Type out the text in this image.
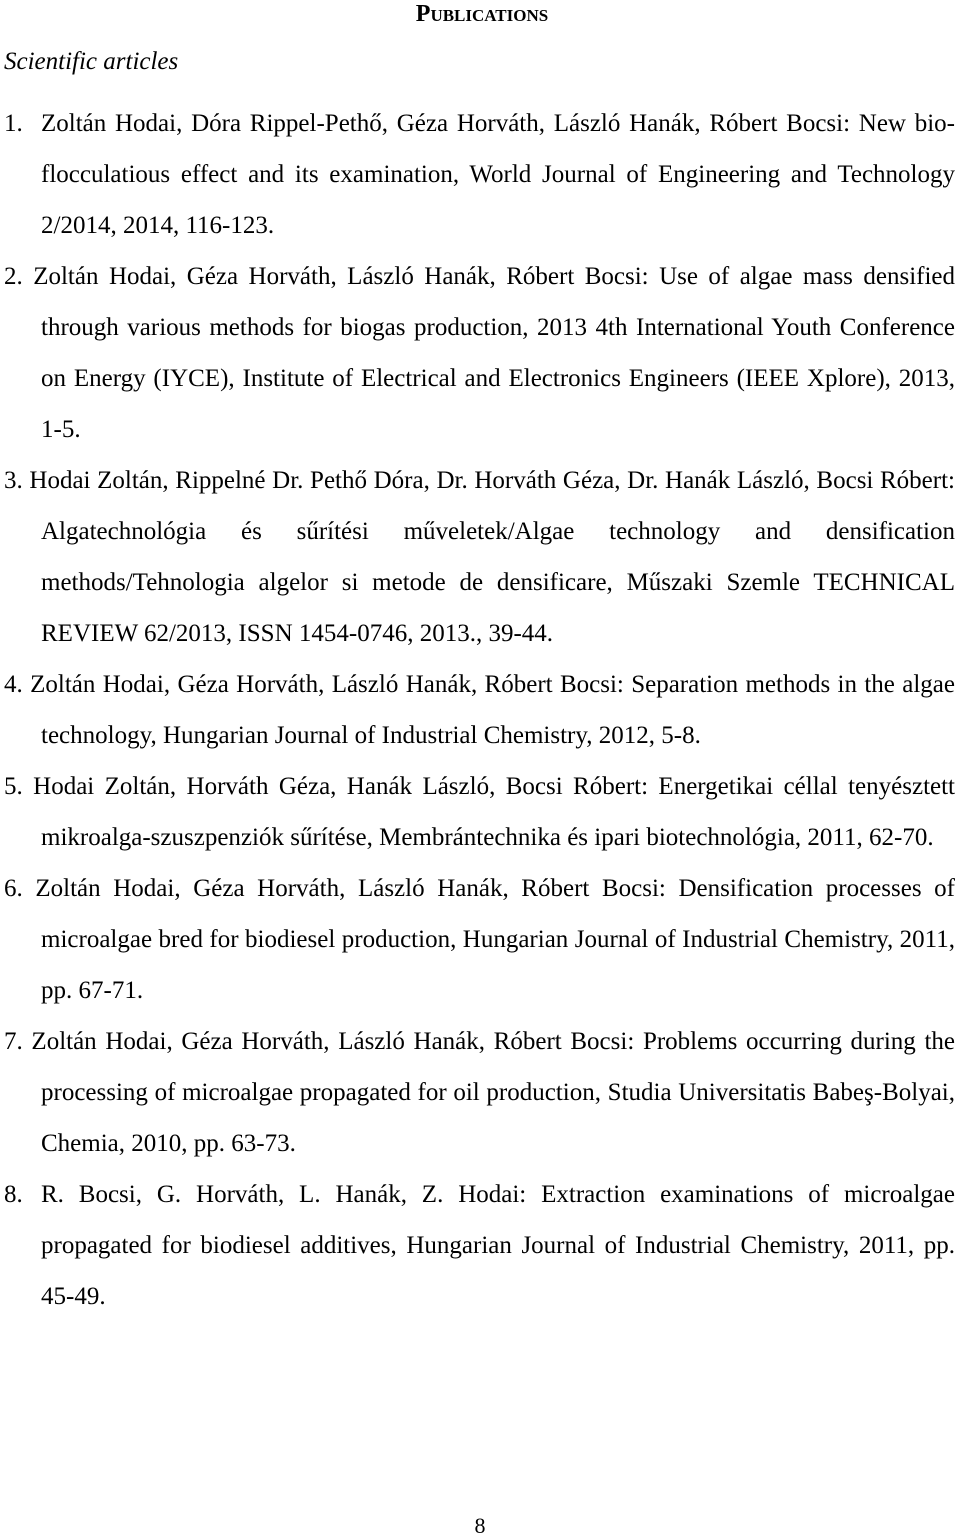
Publications
Scientific articles
1. Zoltán Hodai, Dóra Rippel-Pethő, Géza Horváth, László Hanák, Róbert Bocsi: New bio-flocculatious effect and its examination, World Journal of Engineering and Technology 2/2014, 2014, 116-123.
2. Zoltán Hodai, Géza Horváth, László Hanák, Róbert Bocsi: Use of algae mass densified through various methods for biogas production, 2013 4th International Youth Conference on Energy (IYCE), Institute of Electrical and Electronics Engineers (IEEE Xplore), 2013, 1-5.
3. Hodai Zoltán, Rippelné Dr. Pethő Dóra, Dr. Horváth Géza, Dr. Hanák László, Bocsi Róbert: Algatechnológia és sűrítési műveletek/Algae technology and densification methods/Tehnologia algelor si metode de densificare, Műszaki Szemle TECHNICAL REVIEW 62/2013, ISSN 1454-0746, 2013., 39-44.
4. Zoltán Hodai, Géza Horváth, László Hanák, Róbert Bocsi: Separation methods in the algae technology, Hungarian Journal of Industrial Chemistry, 2012, 5-8.
5. Hodai Zoltán, Horváth Géza, Hanák László, Bocsi Róbert: Energetikai céllal tenyésztett mikroalga-szuszpenziók sűrítése, Membrántechnika és ipari biotechnológia, 2011, 62-70.
6. Zoltán Hodai, Géza Horváth, László Hanák, Róbert Bocsi: Densification processes of microalgae bred for biodiesel production, Hungarian Journal of Industrial Chemistry, 2011, pp. 67-71.
7. Zoltán Hodai, Géza Horváth, László Hanák, Róbert Bocsi: Problems occurring during the processing of microalgae propagated for oil production, Studia Universitatis Babeş-Bolyai, Chemia, 2010, pp. 63-73.
8. R. Bocsi, G. Horváth, L. Hanák, Z. Hodai: Extraction examinations of microalgae propagated for biodiesel additives, Hungarian Journal of Industrial Chemistry, 2011, pp. 45-49.
8
